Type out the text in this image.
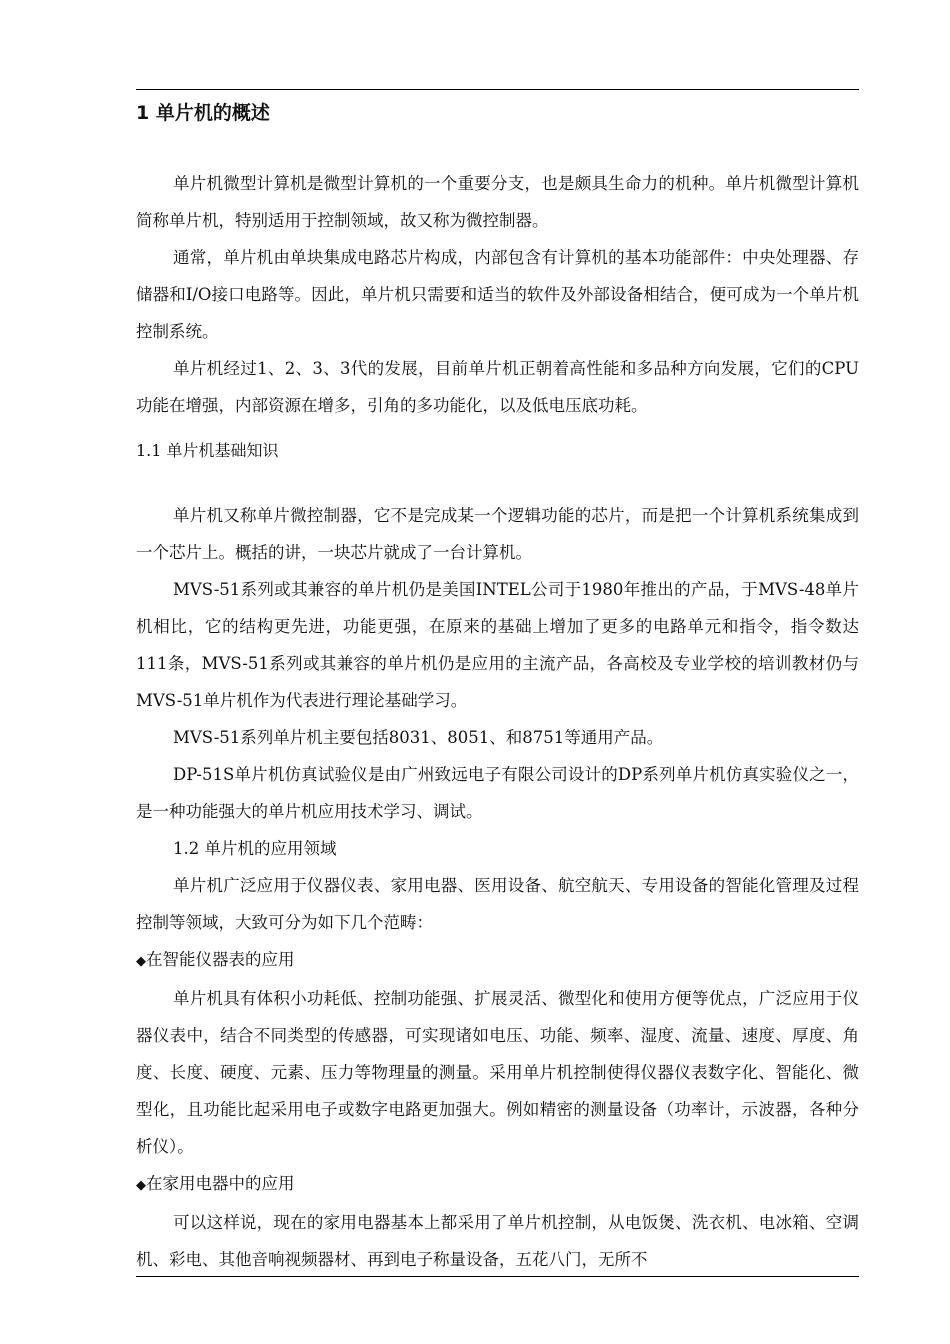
1 单片机的概述

单片机微型计算机是微型计算机的一个重要分支，也是颇具生命力的机种。单片机微型计算机简称单片机，特别适用于控制领域，故又称为微控制器。

通常，单片机由单块集成电路芯片构成，内部包含有计算机的基本功能部件：中央处理器、存储器和I/O接口电路等。因此，单片机只需要和适当的软件及外部设备相结合，便可成为一个单片机控制系统。

单片机经过1、2、3、3代的发展，目前单片机正朝着高性能和多品种方向发展，它们的CPU功能在增强，内部资源在增多，引角的多功能化，以及低电压底功耗。

1.1 单片机基础知识

单片机又称单片微控制器，它不是完成某一个逻辑功能的芯片，而是把一个计算机系统集成到一个芯片上。概括的讲，一块芯片就成了一台计算机。

MVS-51系列或其兼容的单片机仍是美国INTEL公司于1980年推出的产品，于MVS-48单片机相比，它的结构更先进，功能更强，在原来的基础上增加了更多的电路单元和指令，指令数达111条，MVS-51系列或其兼容的单片机仍是应用的主流产品，各高校及专业学校的培训教材仍与MVS-51单片机作为代表进行理论基础学习。

MVS-51系列单片机主要包括8031、8051、和8751等通用产品。

DP-51S单片机仿真试验仪是由广州致远电子有限公司设计的DP系列单片机仿真实验仪之一，是一种功能强大的单片机应用技术学习、调试。

1.2 单片机的应用领域

单片机广泛应用于仪器仪表、家用电器、医用设备、航空航天、专用设备的智能化管理及过程控制等领域，大致可分为如下几个范畴：

◆在智能仪器表的应用

单片机具有体积小功耗低、控制功能强、扩展灵活、微型化和使用方便等优点，广泛应用于仪器仪表中，结合不同类型的传感器，可实现诸如电压、功能、频率、湿度、流量、速度、厚度、角度、长度、硬度、元素、压力等物理量的测量。采用单片机控制使得仪器仪表数字化、智能化、微型化，且功能比起采用电子或数字电路更加强大。例如精密的测量设备（功率计，示波器，各种分析仪）。

◆在家用电器中的应用

可以这样说，现在的家用电器基本上都采用了单片机控制，从电饭煲、洗衣机、电冰箱、空调机、彩电、其他音响视频器材、再到电子称量设备，五花八门，无所不
